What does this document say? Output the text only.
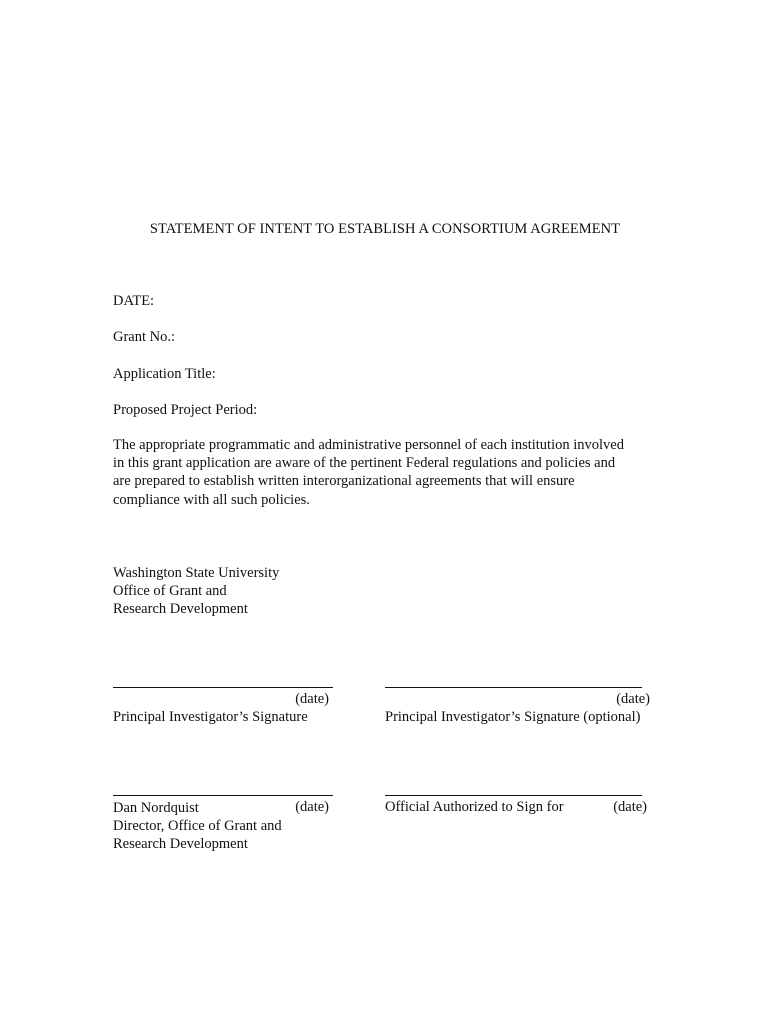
STATEMENT OF INTENT TO ESTABLISH A CONSORTIUM AGREEMENT
DATE:
Grant No.:
Application Title:
Proposed Project Period:
The appropriate programmatic and administrative personnel of each institution involved
in this grant application are aware of the pertinent Federal regulations and policies and
are prepared to establish written interorganizational agreements that will ensure
compliance with all such policies.
Washington State University
Office of Grant and
Research Development
(date)
Principal Investigator’s Signature
(date)
Principal Investigator’s Signature (optional)
Dan Nordquist
Director, Office of Grant and
Research Development
(date)	Official Authorized to Sign for	(date)
